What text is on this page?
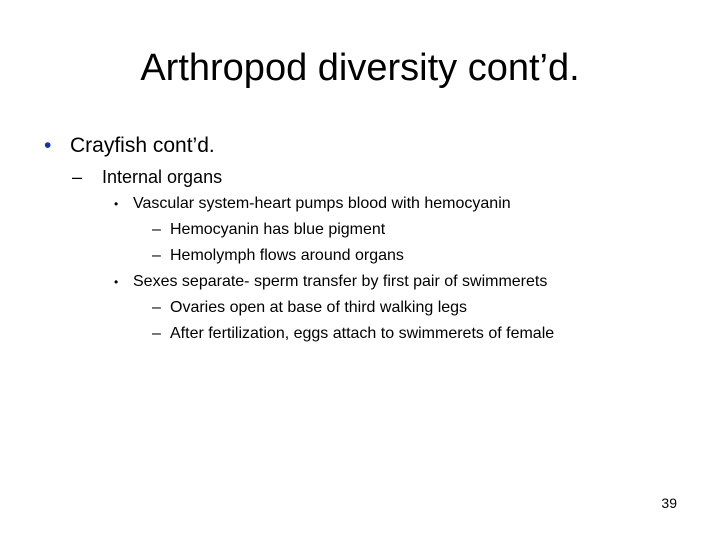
Arthropod diversity cont’d.
• Crayfish cont’d.
– Internal organs
• Vascular system-heart pumps blood with hemocyanin
– Hemocyanin has blue pigment
– Hemolymph flows around organs
• Sexes separate- sperm transfer by first pair of swimmerets
– Ovaries open at base of third walking legs
– After fertilization, eggs attach to swimmerets of female
39
